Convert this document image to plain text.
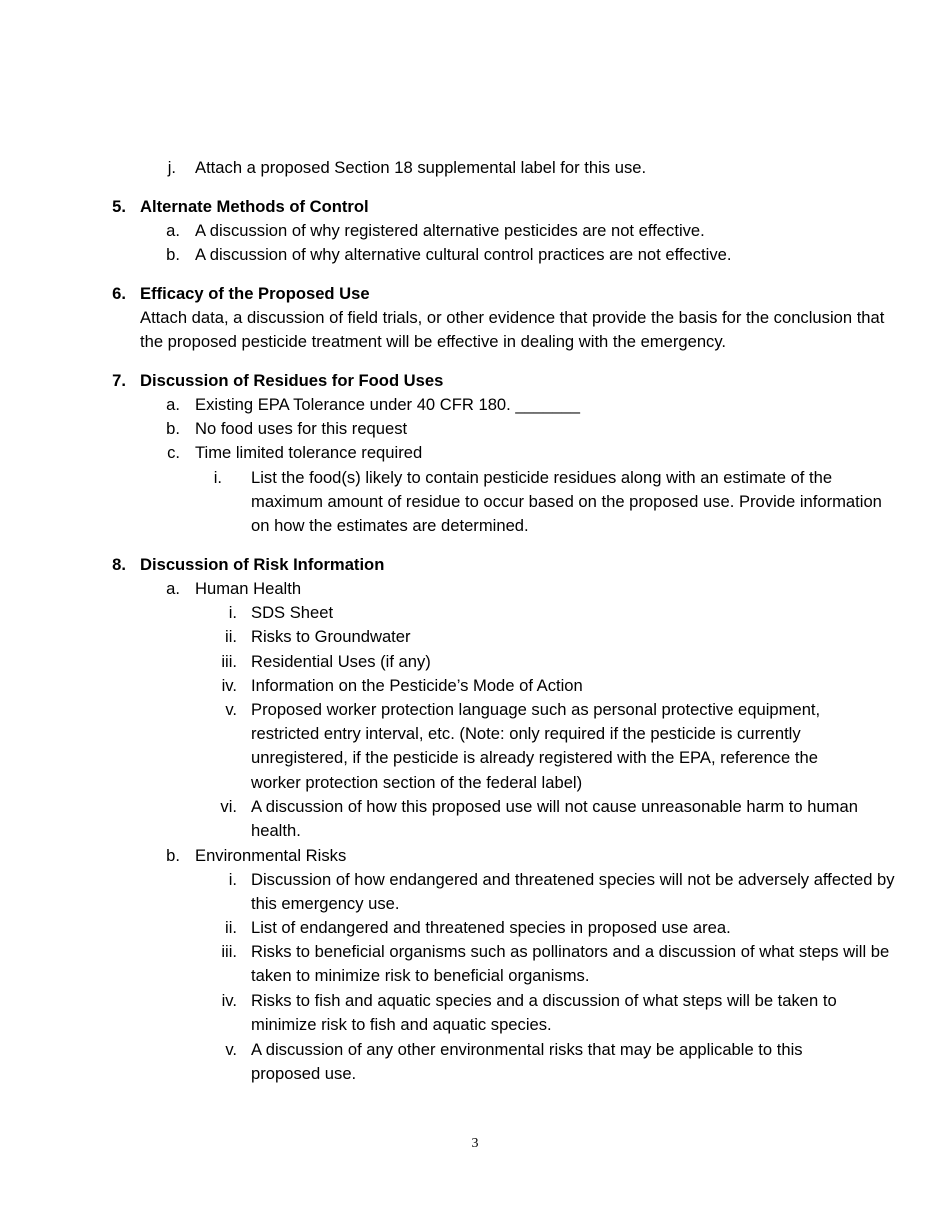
j. Attach a proposed Section 18 supplemental label for this use.
5. Alternate Methods of Control
a. A discussion of why registered alternative pesticides are not effective.
b. A discussion of why alternative cultural control practices are not effective.
6. Efficacy of the Proposed Use
Attach data, a discussion of field trials, or other evidence that provide the basis for the conclusion that the proposed pesticide treatment will be effective in dealing with the emergency.
7. Discussion of Residues for Food Uses
a. Existing EPA Tolerance under 40 CFR 180. _______
b. No food uses for this request
c. Time limited tolerance required
i. List the food(s) likely to contain pesticide residues along with an estimate of the maximum amount of residue to occur based on the proposed use. Provide information on how the estimates are determined.
8. Discussion of Risk Information
a. Human Health
i. SDS Sheet
ii. Risks to Groundwater
iii. Residential Uses (if any)
iv. Information on the Pesticide’s Mode of Action
v. Proposed worker protection language such as personal protective equipment, restricted entry interval, etc. (Note: only required if the pesticide is currently unregistered, if the pesticide is already registered with the EPA, reference the worker protection section of the federal label)
vi. A discussion of how this proposed use will not cause unreasonable harm to human health.
b. Environmental Risks
i. Discussion of how endangered and threatened species will not be adversely affected by this emergency use.
ii. List of endangered and threatened species in proposed use area.
iii. Risks to beneficial organisms such as pollinators and a discussion of what steps will be taken to minimize risk to beneficial organisms.
iv. Risks to fish and aquatic species and a discussion of what steps will be taken to minimize risk to fish and aquatic species.
v. A discussion of any other environmental risks that may be applicable to this proposed use.
3
